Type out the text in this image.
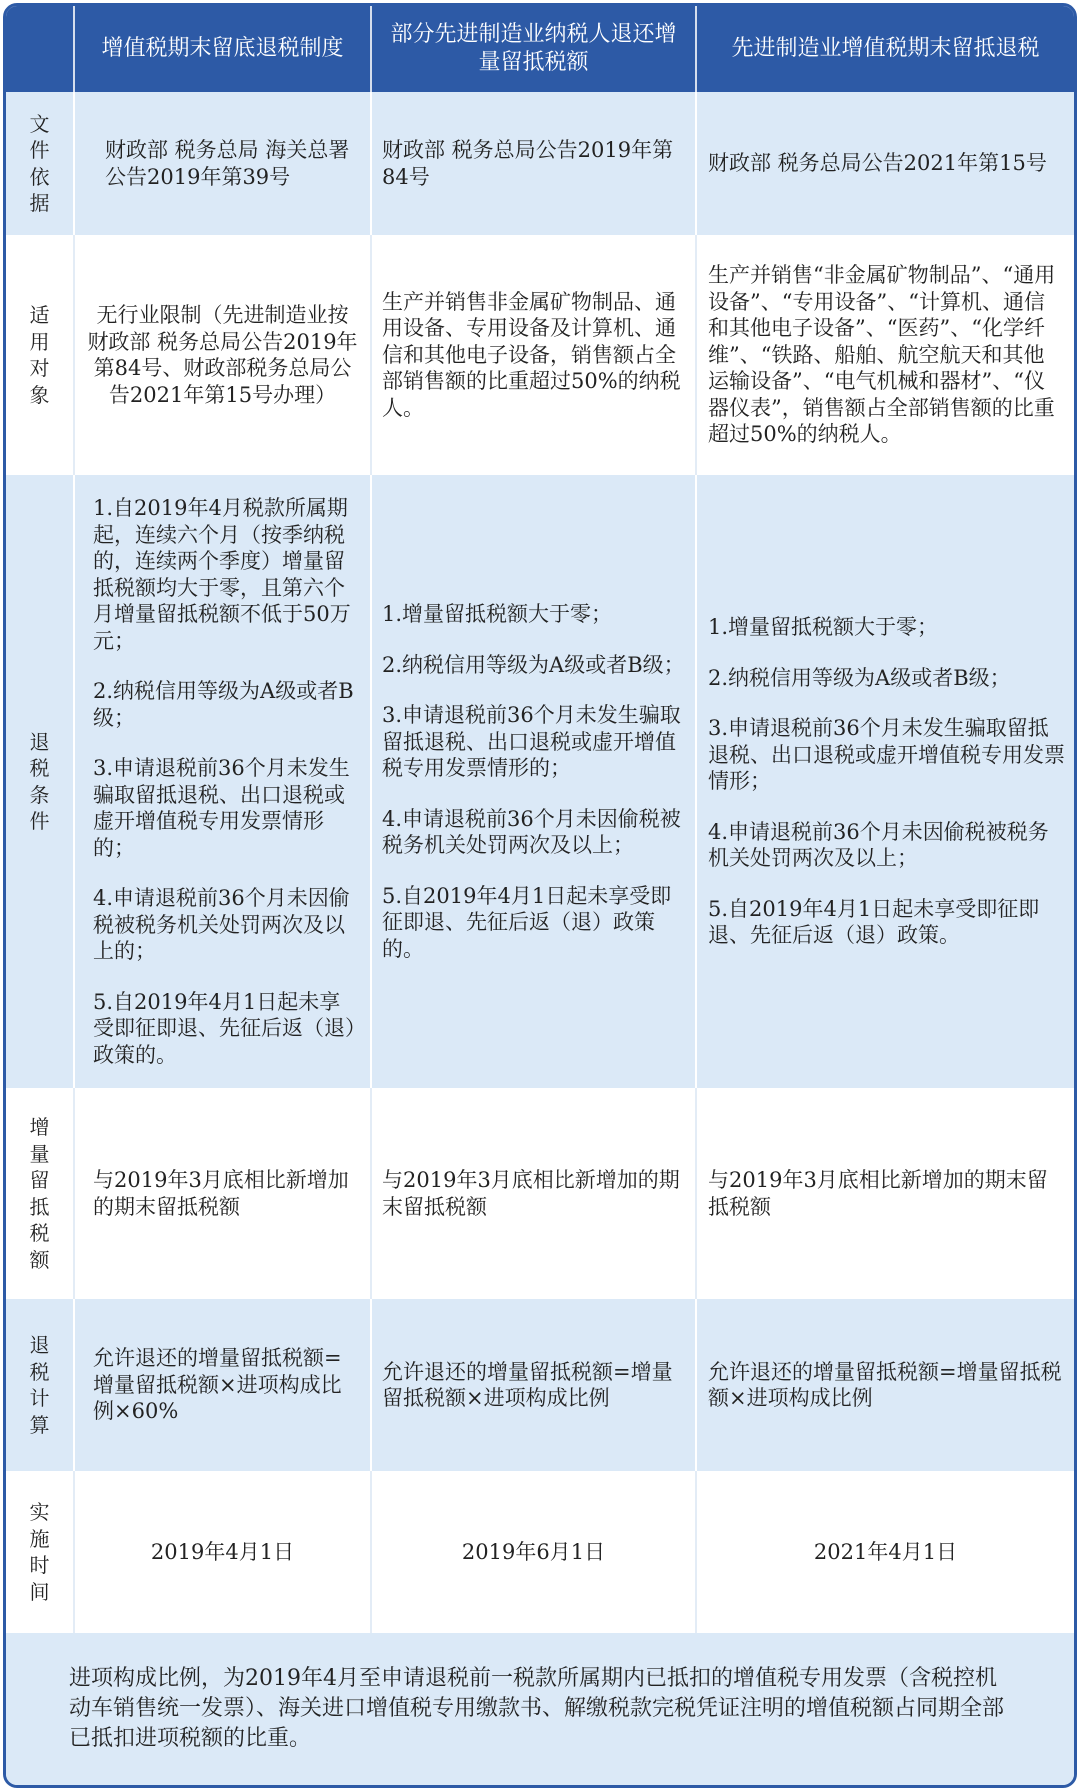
增值税期末留底退税制度
部分先进制造业纳税人退还增量留抵税额
先进制造业增值税期末留抵退税
文件依据
财政部 税务总局 海关总署公告2019年第39号
财政部 税务总局公告2019年第84号
财政部 税务总局公告2021年第15号
适用对象
无行业限制（先进制造业按财政部 税务总局公告2019年第84号、财政部税务总局公告2021年第15号办理）
生产并销售非金属矿物制品、通用设备、专用设备及计算机、通信和其他电子设备，销售额占全部销售额的比重超过50%的纳税人。
生产并销售“非金属矿物制品”、“通用设备”、“专用设备”、“计算机、通信和其他电子设备”、“医药”、“化学纤维”、“铁路、船舶、航空航天和其他运输设备”、“电气机械和器材”、“仪器仪表”，销售额占全部销售额的比重超过50%的纳税人。
退税条件

1.自2019年4月税款所属期起，连续六个月（按季纳税的，连续两个季度）增量留抵税额均大于零，且第六个月增量留抵税额不低于50万元；

2.纳税信用等级为A级或者B级；

3.申请退税前36个月未发生骗取留抵退税、出口退税或虚开增值税专用发票情形的；

4.申请退税前36个月未因偷税被税务机关处罚两次及以上的；

5.自2019年4月1日起未享受即征即退、先征后返（退）政策的。

1.增量留抵税额大于零；

2.纳税信用等级为A级或者B级；

3.申请退税前36个月未发生骗取留抵退税、出口退税或虚开增值税专用发票情形的；

4.申请退税前36个月未因偷税被税务机关处罚两次及以上；

5.自2019年4月1日起未享受即征即退、先征后返（退）政策的。

1.增量留抵税额大于零；

2.纳税信用等级为A级或者B级；

3.申请退税前36个月未发生骗取留抵退税、出口退税或虚开增值税专用发票情形；

4.申请退税前36个月未因偷税被税务机关处罚两次及以上；

5.自2019年4月1日起未享受即征即退、先征后返（退）政策。

增量留抵税额
与2019年3月底相比新增加的期末留抵税额
与2019年3月底相比新增加的期末留抵税额
与2019年3月底相比新增加的期末留抵税额
退税计算
允许退还的增量留抵税额=增量留抵税额×进项构成比例×60%
允许退还的增量留抵税额=增量留抵税额×进项构成比例
允许退还的增量留抵税额=增量留抵税额×进项构成比例
实施时间
2019年4月1日	2019年6月1日	2021年4月1日
进项构成比例，为2019年4月至申请退税前一税款所属期内已抵扣的增值税专用发票（含税控机动车销售统一发票）、海关进口增值税专用缴款书、解缴税款完税凭证注明的增值税额占同期全部已抵扣进项税额的比重。
